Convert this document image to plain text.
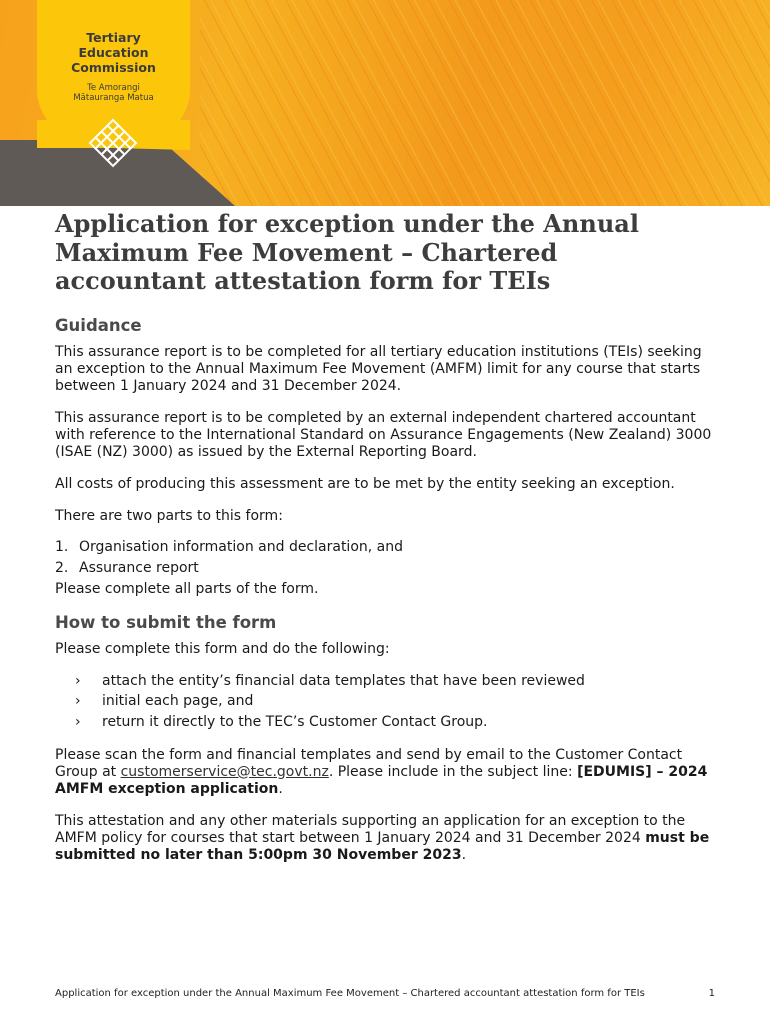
Tertiary
Education
Commission
Te Amorangi
Mātauranga Matua
Application for exception under the Annual Maximum Fee Movement – Chartered accountant attestation form for TEIs
Guidance

This assurance report is to be completed for all tertiary education institutions (TEIs) seeking an exception to the Annual Maximum Fee Movement (AMFM) limit for any course that starts between 1 January 2024 and 31 December 2024.

This assurance report is to be completed by an external independent chartered accountant with reference to the International Standard on Assurance Engagements (New Zealand) 3000 (ISAE (NZ) 3000) as issued by the External Reporting Board.

All costs of producing this assessment are to be met by the entity seeking an exception.

There are two parts to this form:

1. Organisation information and declaration, and
2. Assurance report

Please complete all parts of the form.

How to submit the form

Please complete this form and do the following:

› attach the entity’s financial data templates that have been reviewed
› initial each page, and
› return it directly to the TEC’s Customer Contact Group.

Please scan the form and financial templates and send by email to the Customer Contact Group at customerservice@tec.govt.nz. Please include in the subject line: [EDUMIS] – 2024 AMFM exception application.

This attestation and any other materials supporting an application for an exception to the AMFM policy for courses that start between 1 January 2024 and 31 December 2024 must be submitted no later than 5:00pm 30 November 2023.

Application for exception under the Annual Maximum Fee Movement – Chartered accountant attestation form for TEIs	1
